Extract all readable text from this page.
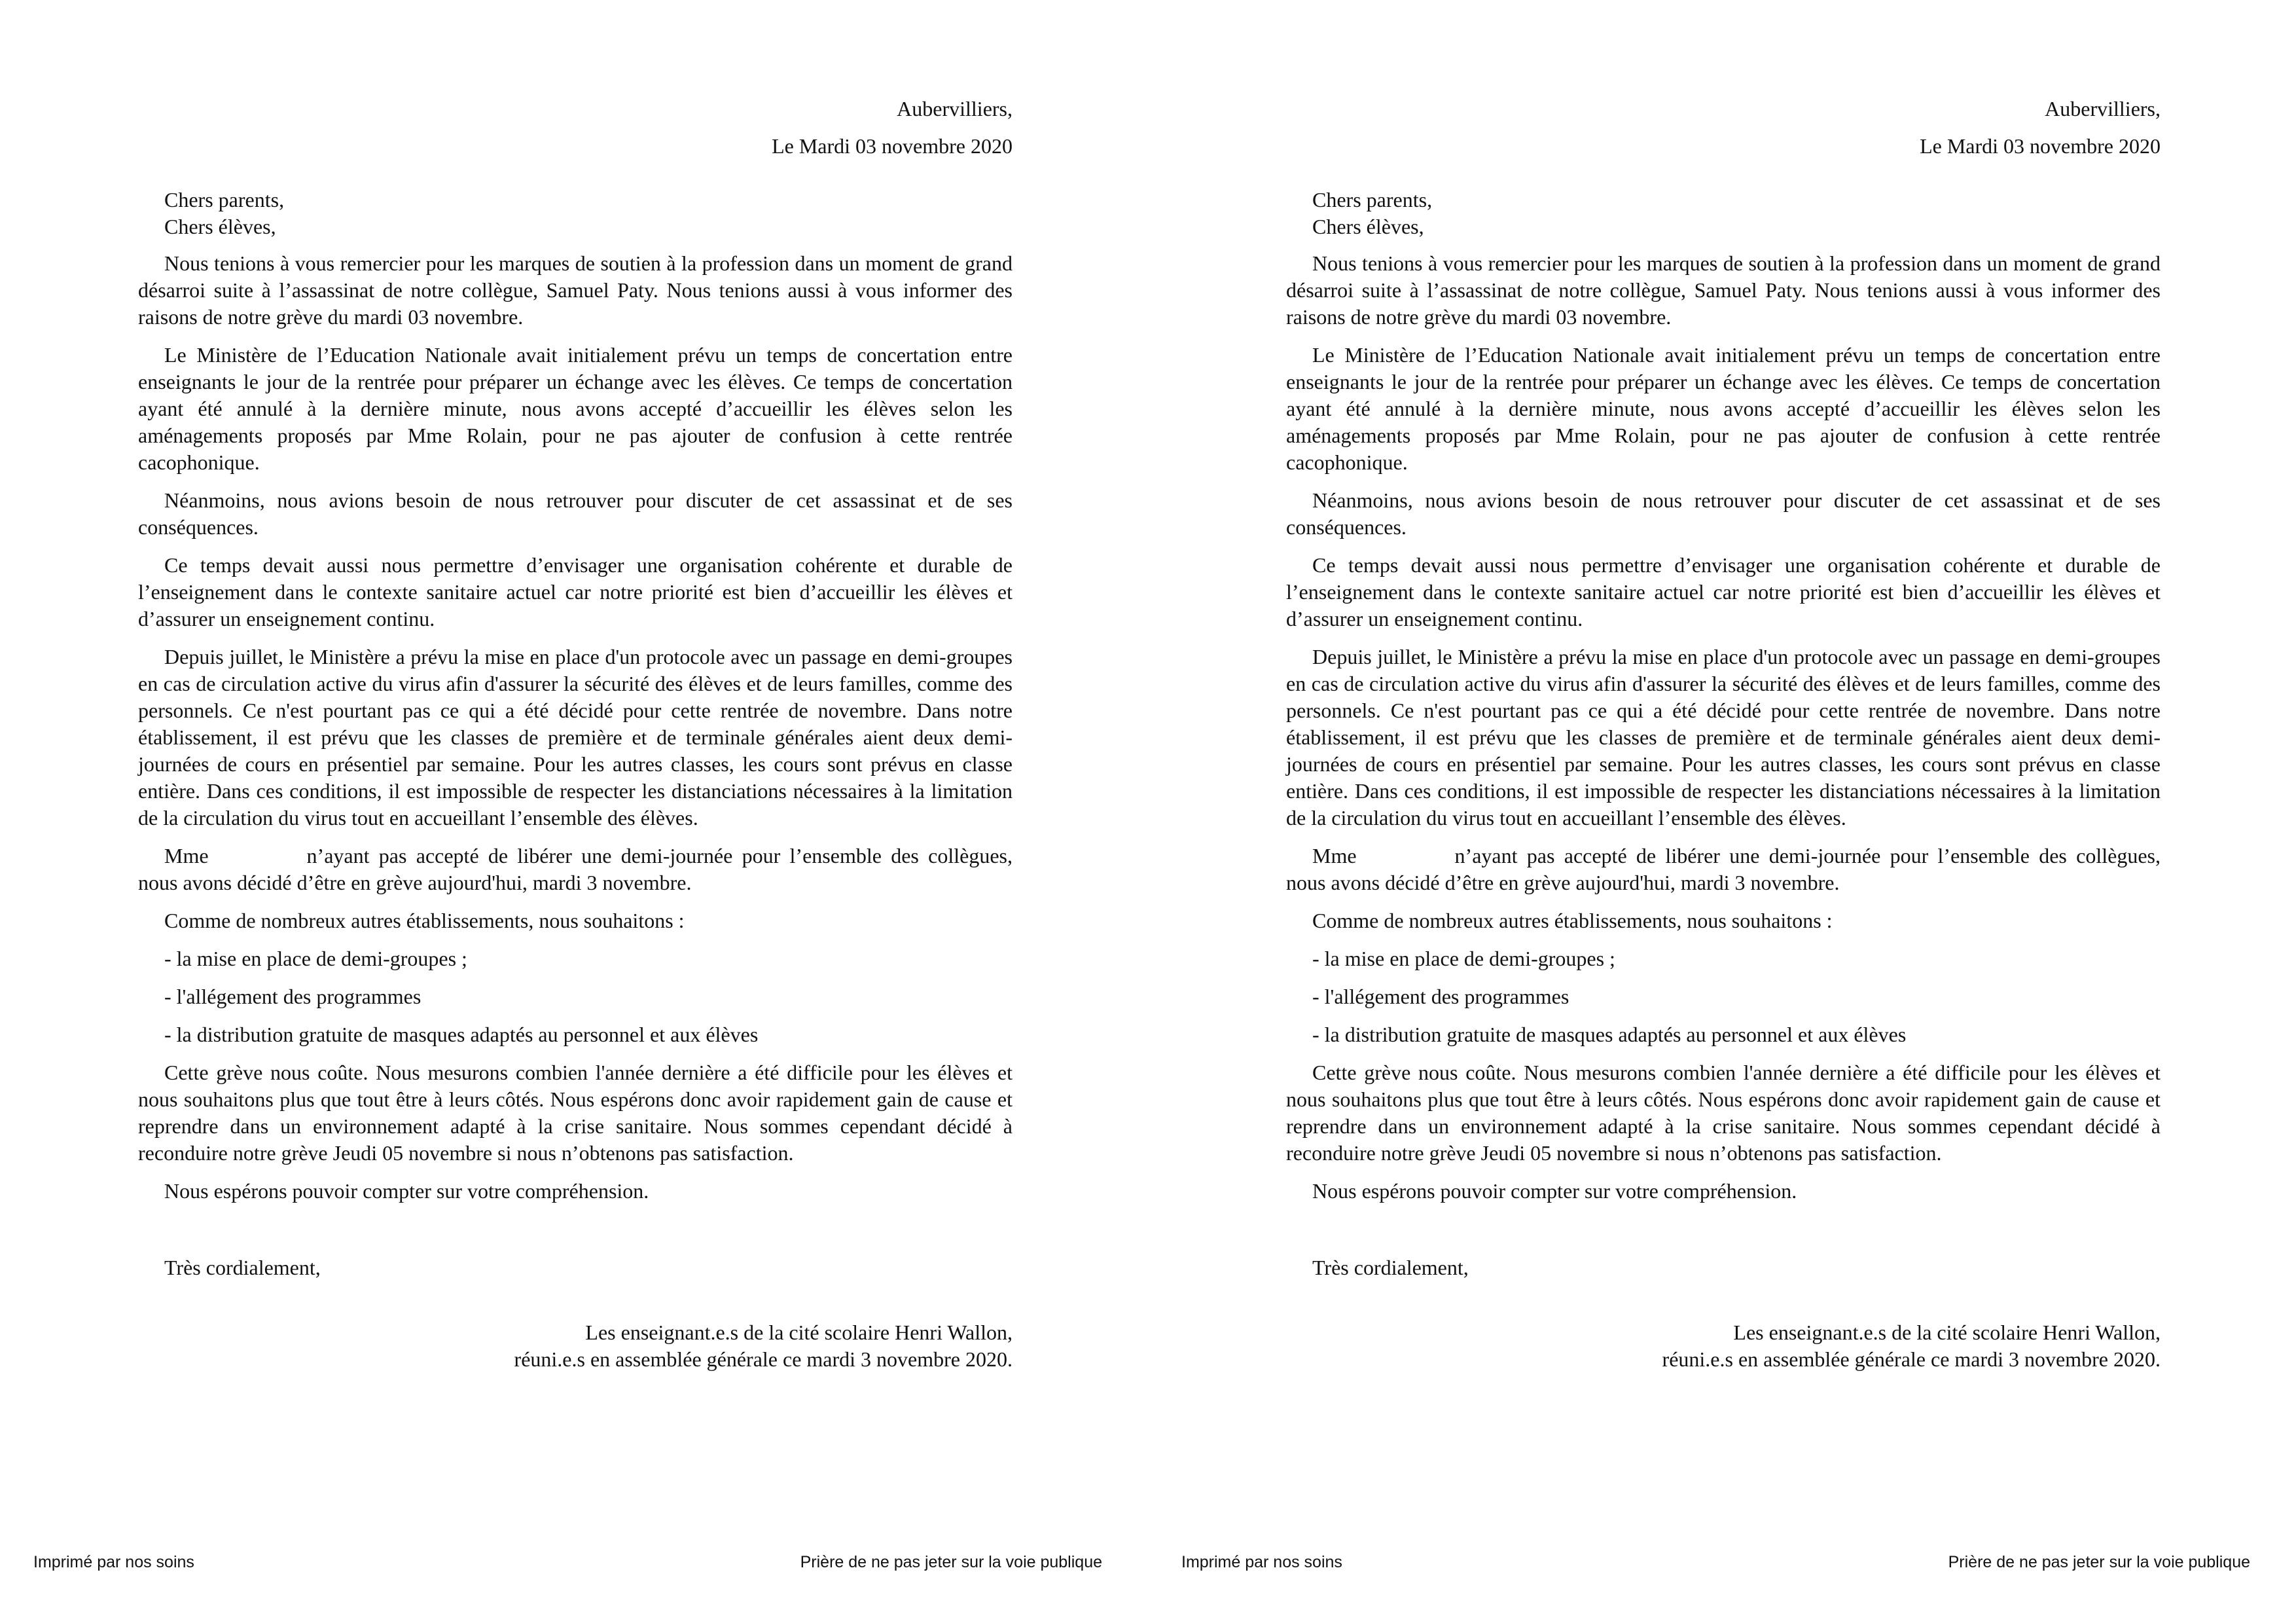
Aubervilliers,

Le Mardi 03 novembre 2020

Chers parents,
Chers élèves,

Nous tenions à vous remercier pour les marques de soutien à la profession dans un moment de grand désarroi suite à l’assassinat de notre collègue, Samuel Paty. Nous tenions aussi à vous informer des raisons de notre grève du mardi 03 novembre.

Le Ministère de l’Education Nationale avait initialement prévu un temps de concertation entre enseignants le jour de la rentrée pour préparer un échange avec les élèves. Ce temps de concertation ayant été annulé à la dernière minute, nous avons accepté d’accueillir les élèves selon les aménagements proposés par Mme Rolain, pour ne pas ajouter de confusion à cette rentrée cacophonique.

Néanmoins, nous avions besoin de nous retrouver pour discuter de cet assassinat et de ses conséquences.

Ce temps devait aussi nous permettre d’envisager une organisation cohérente et durable de l’enseignement dans le contexte sanitaire actuel car notre priorité est bien d’accueillir les élèves et d’assurer un enseignement continu.

Depuis juillet, le Ministère a prévu la mise en place d'un protocole avec un passage en demi-groupes en cas de circulation active du virus afin d'assurer la sécurité des élèves et de leurs familles, comme des personnels. Ce n'est pourtant pas ce qui a été décidé pour cette rentrée de novembre. Dans notre établissement, il est prévu que les classes de première et de terminale générales aient deux demi-journées de cours en présentiel par semaine. Pour les autres classes, les cours sont prévus en classe entière. Dans ces conditions, il est impossible de respecter les distanciations nécessaires à la limitation de la circulation du virus tout en accueillant l’ensemble des élèves.

Mme	n’ayant pas accepté de libérer une demi-journée pour l’ensemble des collègues, nous avons décidé d’être en grève aujourd'hui, mardi 3 novembre.

Comme de nombreux autres établissements, nous souhaitons :

- la mise en place de demi-groupes ;

- l'allégement des programmes

- la distribution gratuite de masques adaptés au personnel et aux élèves

Cette grève nous coûte. Nous mesurons combien l'année dernière a été difficile pour les élèves et nous souhaitons plus que tout être à leurs côtés. Nous espérons donc avoir rapidement gain de cause et reprendre dans un environnement adapté à la crise sanitaire. Nous sommes cependant décidé à reconduire notre grève Jeudi 05 novembre si nous n’obtenons pas satisfaction.

Nous espérons pouvoir compter sur votre compréhension.

Très cordialement,
Les enseignant.e.s de la cité scolaire Henri Wallon,
réuni.e.s en assemblée générale ce mardi 3 novembre 2020.
Imprimé par nos soins	Prière de ne pas jeter sur la voie publique

Aubervilliers,

Le Mardi 03 novembre 2020

Chers parents,
Chers élèves,

Nous tenions à vous remercier pour les marques de soutien à la profession dans un moment de grand désarroi suite à l’assassinat de notre collègue, Samuel Paty. Nous tenions aussi à vous informer des raisons de notre grève du mardi 03 novembre.

Le Ministère de l’Education Nationale avait initialement prévu un temps de concertation entre enseignants le jour de la rentrée pour préparer un échange avec les élèves. Ce temps de concertation ayant été annulé à la dernière minute, nous avons accepté d’accueillir les élèves selon les aménagements proposés par Mme Rolain, pour ne pas ajouter de confusion à cette rentrée cacophonique.

Néanmoins, nous avions besoin de nous retrouver pour discuter de cet assassinat et de ses conséquences.

Ce temps devait aussi nous permettre d’envisager une organisation cohérente et durable de l’enseignement dans le contexte sanitaire actuel car notre priorité est bien d’accueillir les élèves et d’assurer un enseignement continu.

Depuis juillet, le Ministère a prévu la mise en place d'un protocole avec un passage en demi-groupes en cas de circulation active du virus afin d'assurer la sécurité des élèves et de leurs familles, comme des personnels. Ce n'est pourtant pas ce qui a été décidé pour cette rentrée de novembre. Dans notre établissement, il est prévu que les classes de première et de terminale générales aient deux demi-journées de cours en présentiel par semaine. Pour les autres classes, les cours sont prévus en classe entière. Dans ces conditions, il est impossible de respecter les distanciations nécessaires à la limitation de la circulation du virus tout en accueillant l’ensemble des élèves.

Mme	n’ayant pas accepté de libérer une demi-journée pour l’ensemble des collègues, nous avons décidé d’être en grève aujourd'hui, mardi 3 novembre.

Comme de nombreux autres établissements, nous souhaitons :

- la mise en place de demi-groupes ;

- l'allégement des programmes

- la distribution gratuite de masques adaptés au personnel et aux élèves

Cette grève nous coûte. Nous mesurons combien l'année dernière a été difficile pour les élèves et nous souhaitons plus que tout être à leurs côtés. Nous espérons donc avoir rapidement gain de cause et reprendre dans un environnement adapté à la crise sanitaire. Nous sommes cependant décidé à reconduire notre grève Jeudi 05 novembre si nous n’obtenons pas satisfaction.

Nous espérons pouvoir compter sur votre compréhension.

Très cordialement,
Les enseignant.e.s de la cité scolaire Henri Wallon,
réuni.e.s en assemblée générale ce mardi 3 novembre 2020.
Imprimé par nos soins	Prière de ne pas jeter sur la voie publique
